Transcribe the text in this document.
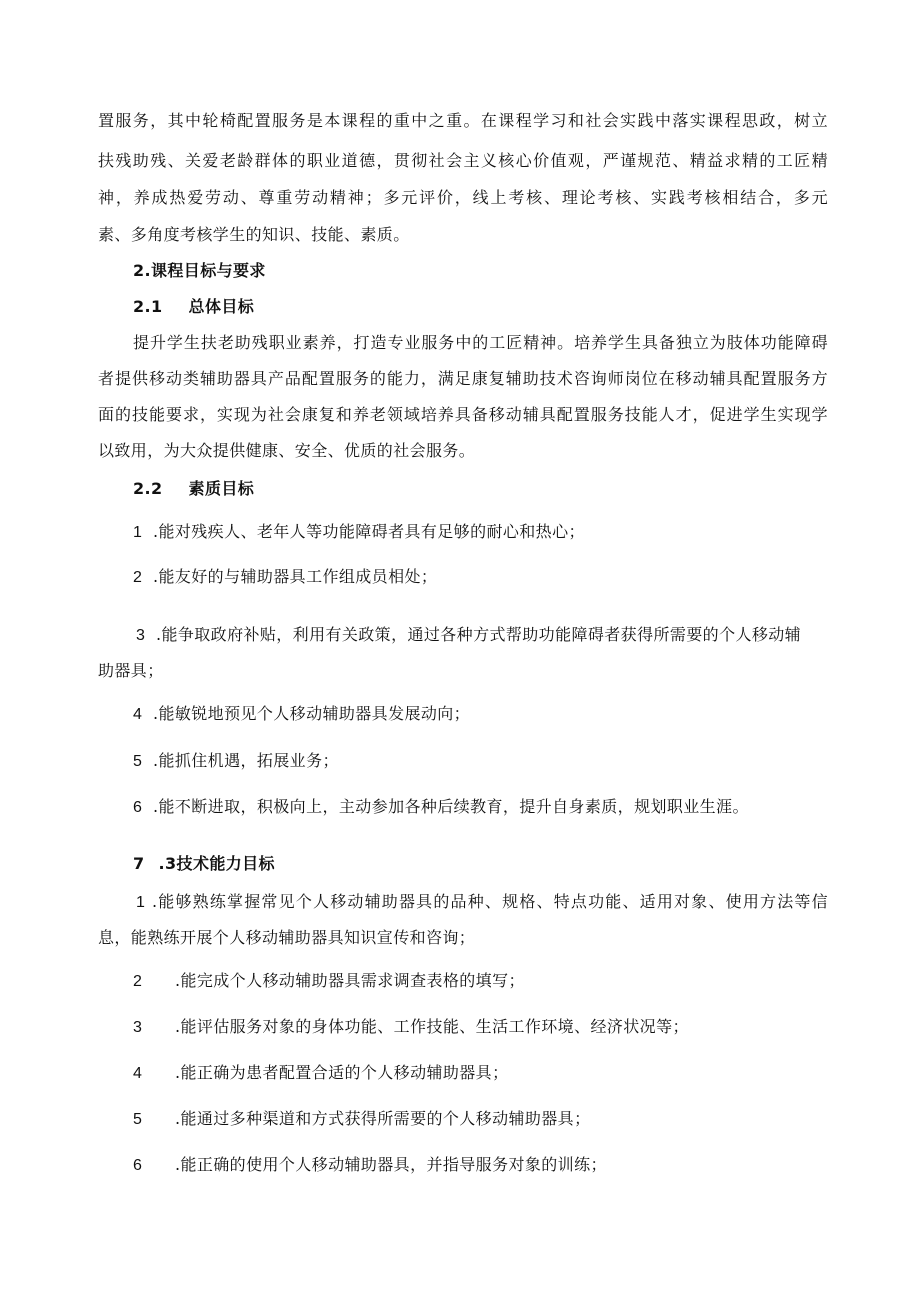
置服务，其中轮椅配置服务是本课程的重中之重。在课程学习和社会实践中落实课程思政，树立
扶残助残、关爱老龄群体的职业道德，贯彻社会主义核心价值观，严谨规范、精益求精的工匠精
神，养成热爱劳动、尊重劳动精神；多元评价，线上考核、理论考核、实践考核相结合，多元
素、多角度考核学生的知识、技能、素质。
2.课程目标与要求
2.1 总体目标
提升学生扶老助残职业素养，打造专业服务中的工匠精神。培养学生具备独立为肢体功能障碍
者提供移动类辅助器具产品配置服务的能力，满足康复辅助技术咨询师岗位在移动辅具配置服务方
面的技能要求，实现为社会康复和养老领域培养具备移动辅具配置服务技能人才，促进学生实现学
以致用，为大众提供健康、安全、优质的社会服务。
2.2 素质目标
1 .能对残疾人、老年人等功能障碍者具有足够的耐心和热心；
2 .能友好的与辅助器具工作组成员相处；
3 .能争取政府补贴，利用有关政策，通过各种方式帮助功能障碍者获得所需要的个人移动辅
助器具；
4 .能敏锐地预见个人移动辅助器具发展动向；
5 .能抓住机遇，拓展业务；
6 .能不断进取，积极向上，主动参加各种后续教育，提升自身素质，规划职业生涯。
7 .3技术能力目标
1 .能够熟练掌握常见个人移动辅助器具的品种、规格、特点功能、适用对象、使用方法等信
息，能熟练开展个人移动辅助器具知识宣传和咨询；
2 .能完成个人移动辅助器具需求调查表格的填写；
3 .能评估服务对象的身体功能、工作技能、生活工作环境、经济状况等；
4 .能正确为患者配置合适的个人移动辅助器具；
5 .能通过多种渠道和方式获得所需要的个人移动辅助器具；
6 .能正确的使用个人移动辅助器具，并指导服务对象的训练；
